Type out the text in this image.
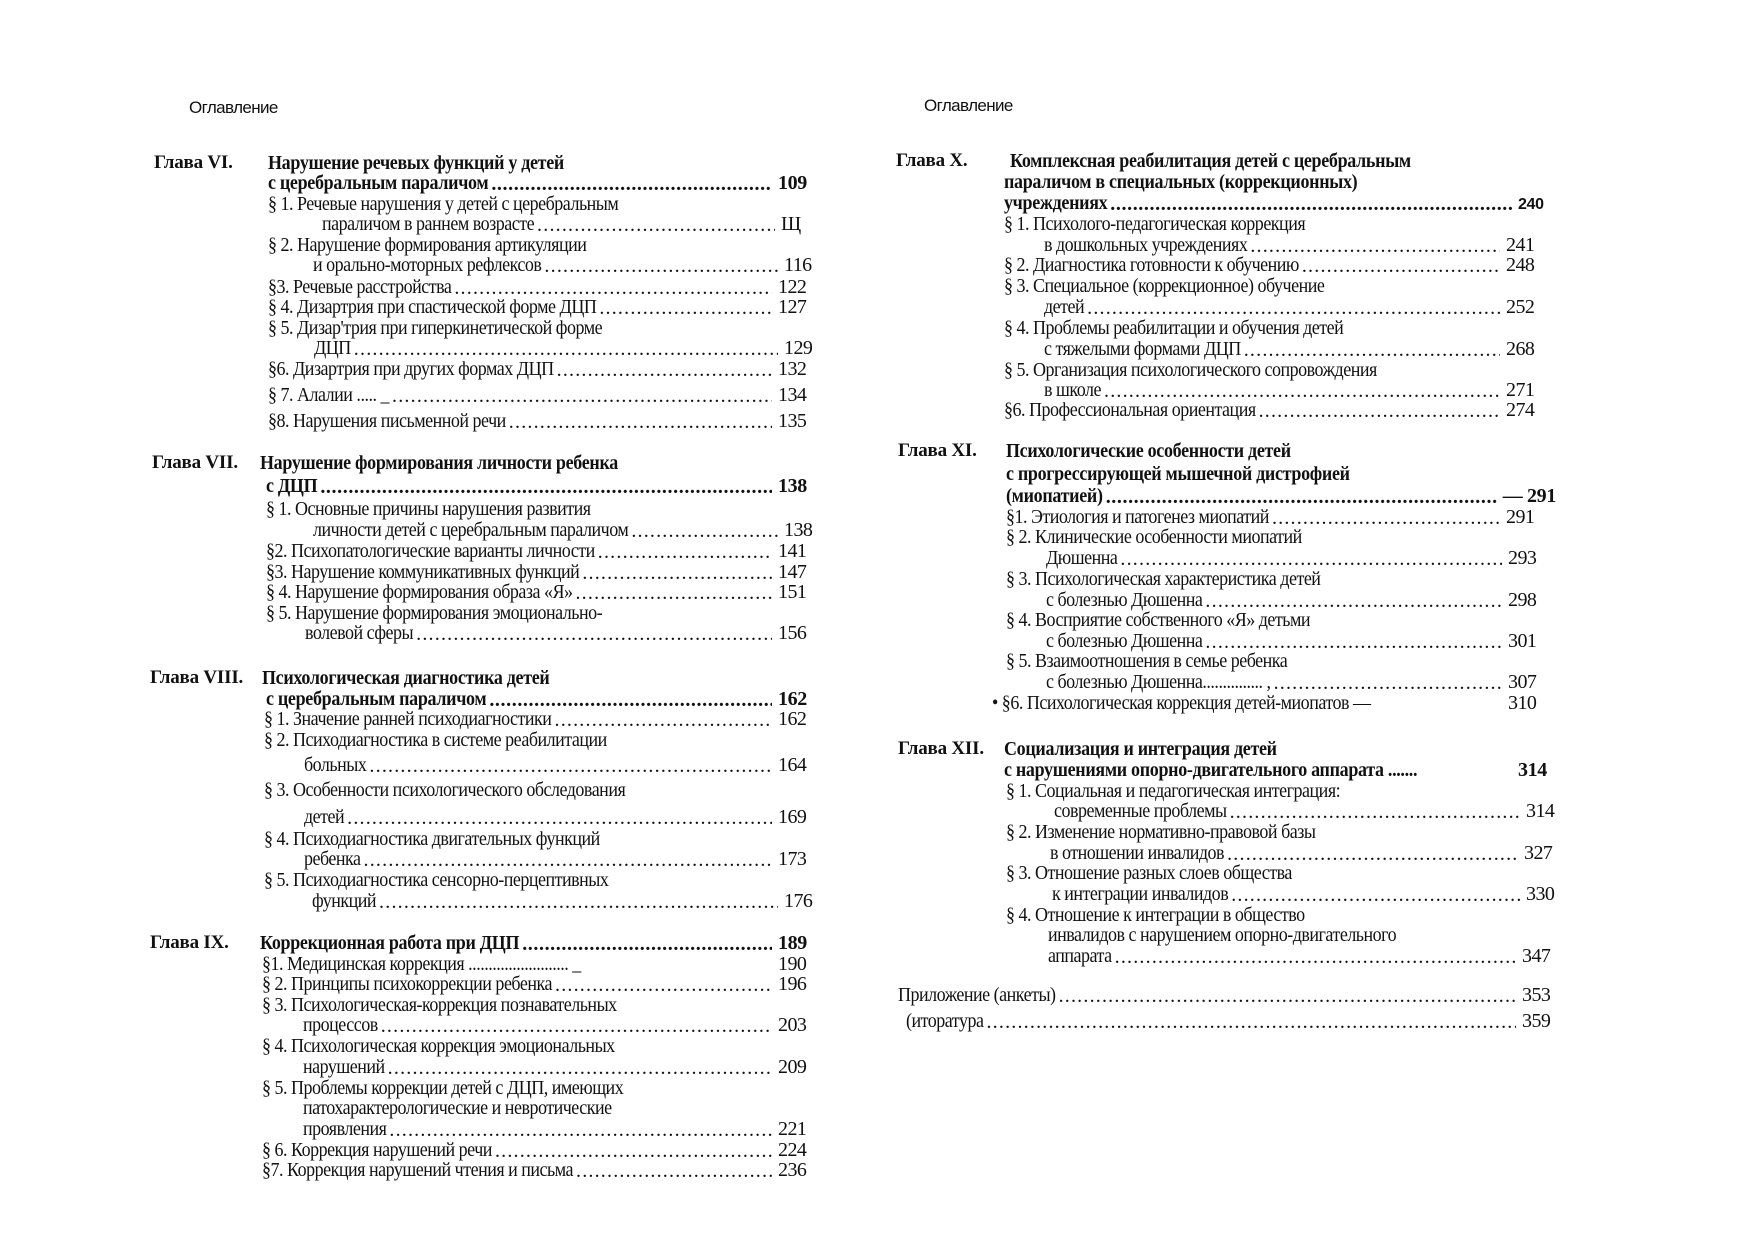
Оглавление
Глава VI. Нарушение речевых функций у детей
с церебральным параличом .....	109
§ 1. Речевые нарушения у детей с церебральным
параличом в раннем возрасте .....	Щ
§ 2. Нарушение формирования артикуляции
и орально-моторных рефлексов .....	116
§3. Речевые расстройства .....	122
§ 4. Дизартрия при спастической форме ДЦП .....	127
§ 5. Дизар'трия при гиперкинетической форме
ДЦП .....	129
§6. Дизартрия при других формах ДЦП .....	132
§ 7. Алалии ..... _ .....	134
§8. Нарушения письменной речи .....	135
Глава VII. Нарушение формирования личности ребенка
с ДЦП .....	138
§ 1. Основные причины нарушения развития
личности детей с церебральным параличом .....	138
§2. Психопатологические варианты личности .....	141
§3. Нарушение коммуникативных функций .....	147
§ 4. Нарушение формирования образа «Я» .....	151
§ 5. Нарушение формирования эмоционально-
волевой сферы .....	156
Глава VIII. Психологическая диагностика детей
с церебральным параличом .....	162
§ 1. Значение ранней психодиагностики .....	162
§ 2. Психодиагностика в системе реабилитации
больных .....	164
§ 3. Особенности психологического обследования
детей .....	169
§ 4. Психодиагностика двигательных функций
ребенка .....	173
§ 5. Психодиагностика сенсорно-перцептивных
функций .....	176
Глава IX. Коррекционная работа при ДЦП .....	189
§1. Медицинская коррекция ......................... _	190
§ 2. Принципы психокоррекции ребенка .....	196
§ 3. Психологическая-коррекция познавательных
процессов .....	203
§ 4. Психологическая коррекция эмоциональных
нарушений .....	209
§ 5. Проблемы коррекции детей с ДЦП, имеющих
патохарактерологические и невротические
проявления .....	221
§ 6. Коррекция нарушений речи .....	224
§7. Коррекция нарушений чтения и письма .....	236
Оглавление
Глава X. Комплексная реабилитация детей с церебральным
параличом в специальных (коррекционных)
учреждениях .....	240
§ 1. Психолого-педагогическая коррекция
в дошкольных учреждениях .....	241
§ 2. Диагностика готовности к обучению .....	248
§ 3. Специальное (коррекционное) обучение
детей .....	252
§ 4. Проблемы реабилитации и обучения детей
с тяжелыми формами ДЦП .....	268
§ 5. Организация психологического сопровождения
в школе .....	271
§6. Профессиональная ориентация .....	274
Глава XI. Психологические особенности детей
с прогрессирующей мышечной дистрофией
(миопатией) .....	— 291
§1. Этиология и патогенез миопатий .....	291
§ 2. Клинические особенности миопатий
Дюшенна .....	293
§ 3. Психологическая характеристика детей
с болезнью Дюшенна .....	298
§ 4. Восприятие собственного «Я» детьми
с болезнью Дюшенна .....	301
§ 5. Взаимоотношения в семье ребенка
с болезнью Дюшенна............... , .....	307
• §6. Психологическая коррекция детей-миопатов —	310
Глава XII. Социализация и интеграция детей
с нарушениями опорно-двигательного аппарата .......	314
§ 1. Социальная и педагогическая интеграция:
современные проблемы .....	314
§ 2. Изменение нормативно-правовой базы
в отношении инвалидов .....	327
§ 3. Отношение разных слоев общества
к интеграции инвалидов .....	330
§ 4. Отношение к интеграции в общество
инвалидов с нарушением опорно-двигательного
аппарата .....	347
Приложение (анкеты) .....	353
(иторатура .....	359
